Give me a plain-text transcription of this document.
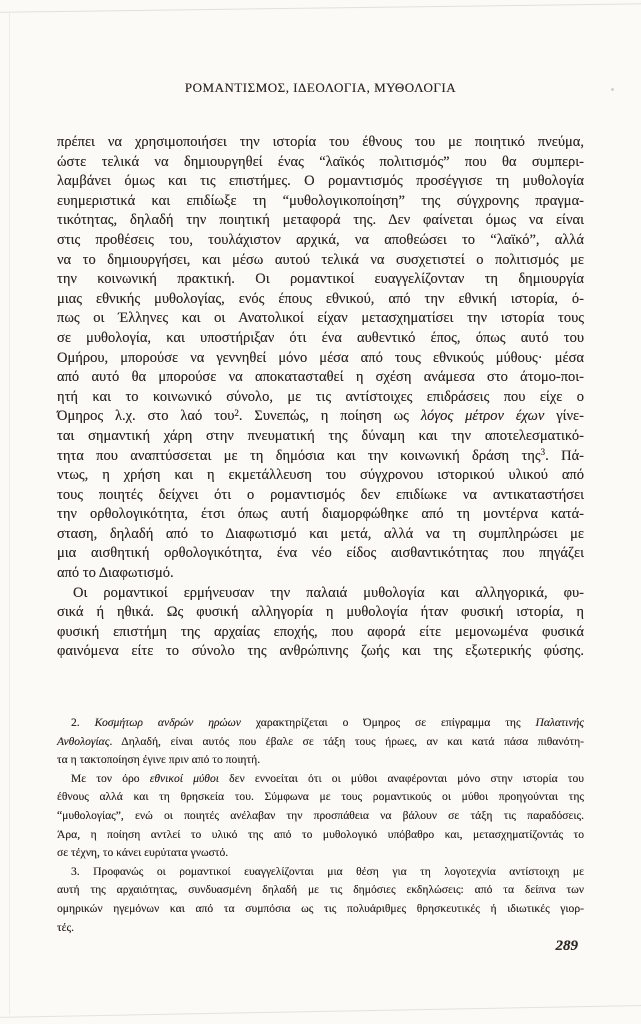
ΡΟΜΑΝΤΙΣΜΟΣ, ΙΔΕΟΛΟΓΙΑ, ΜΥΘΟΛΟΓΙΑ
πρέπει να χρησιμοποιήσει την ιστορία του έθνους του με ποιητικό πνεύμα,
ώστε τελικά να δημιουργηθεί ένας “λαϊκός πολιτισμός” που θα συμπερι-
λαμβάνει όμως και τις επιστήμες. Ο ρομαντισμός προσέγγισε τη μυθολογία
ευημεριστικά και επιδίωξε τη “μυθολογικοποίηση” της σύγχρονης πραγμα-
τικότητας, δηλαδή την ποιητική μεταφορά της. Δεν φαίνεται όμως να είναι
στις προθέσεις του, τουλάχιστον αρχικά, να αποθεώσει το “λαϊκό”, αλλά
να το δημιουργήσει, και μέσω αυτού τελικά να συσχετιστεί ο πολιτισμός με
την κοινωνική πρακτική. Οι ρομαντικοί ευαγγελίζονταν τη δημιουργία
μιας εθνικής μυθολογίας, ενός έπους εθνικού, από την εθνική ιστορία, ό-
πως οι Έλληνες και οι Ανατολικοί είχαν μετασχηματίσει την ιστορία τους
σε μυθολογία, και υποστήριξαν ότι ένα αυθεντικό έπος, όπως αυτό του
Ομήρου, μπορούσε να γεννηθεί μόνο μέσα από τους εθνικούς μύθους· μέσα
από αυτό θα μπορούσε να αποκατασταθεί η σχέση ανάμεσα στο άτομο-ποι-
ητή και το κοινωνικό σύνολο, με τις αντίστοιχες επιδράσεις που είχε ο
Όμηρος λ.χ. στο λαό του$^2$. Συνεπώς, η ποίηση ως λόγος μέτρον έχων γίνε-
ται σημαντική χάρη στην πνευματική της δύναμη και την αποτελεσματικό-
τητα που αναπτύσσεται με τη δημόσια και την κοινωνική δράση της$^3$. Πά-
ντως, η χρήση και η εκμετάλλευση του σύγχρονου ιστορικού υλικού από
τους ποιητές δείχνει ότι ο ρομαντισμός δεν επιδίωκε να αντικαταστήσει
την ορθολογικότητα, έτσι όπως αυτή διαμορφώθηκε από τη μοντέρνα κατά-
σταση, δηλαδή από το Διαφωτισμό και μετά, αλλά να τη συμπληρώσει με
μια αισθητική ορθολογικότητα, ένα νέο είδος αισθαντικότητας που πηγάζει
από το Διαφωτισμό.
Οι ρομαντικοί ερμήνευσαν την παλαιά μυθολογία και αλληγορικά, φυ-
σικά ή ηθικά. Ως φυσική αλληγορία η μυθολογία ήταν φυσική ιστορία, η
φυσική επιστήμη της αρχαίας εποχής, που αφορά είτε μεμονωμένα φυσικά
φαινόμενα είτε το σύνολο της ανθρώπινης ζωής και της εξωτερικής φύσης.
2. Κοσμήτωρ ανδρών ηρώων χαρακτηρίζεται ο Όμηρος σε επίγραμμα της Παλατινής
Ανθολογίας. Δηλαδή, είναι αυτός που έβαλε σε τάξη τους ήρωες, αν και κατά πάσα πιθανότη-
τα η τακτοποίηση έγινε πριν από το ποιητή.
Με τον όρο εθνικοί μύθοι δεν εννοείται ότι οι μύθοι αναφέρονται μόνο στην ιστορία του
έθνους αλλά και τη θρησκεία του. Σύμφωνα με τους ρομαντικούς οι μύθοι προηγούνται της
“μυθολογίας”, ενώ οι ποιητές ανέλαβαν την προσπάθεια να βάλουν σε τάξη τις παραδόσεις.
Άρα, η ποίηση αντλεί το υλικό της από το μυθολογικό υπόβαθρο και, μετασχηματίζοντάς το
σε τέχνη, το κάνει ευρύτατα γνωστό.
3. Προφανώς οι ρομαντικοί ευαγγελίζονται μια θέση για τη λογοτεχνία αντίστοιχη με
αυτή της αρχαιότητας, συνδυασμένη δηλαδή με τις δημόσιες εκδηλώσεις: από τα δείπνα των
ομηρικών ηγεμόνων και από τα συμπόσια ως τις πολυάριθμες θρησκευτικές ή ιδιωτικές γιορ-
τές.
289
